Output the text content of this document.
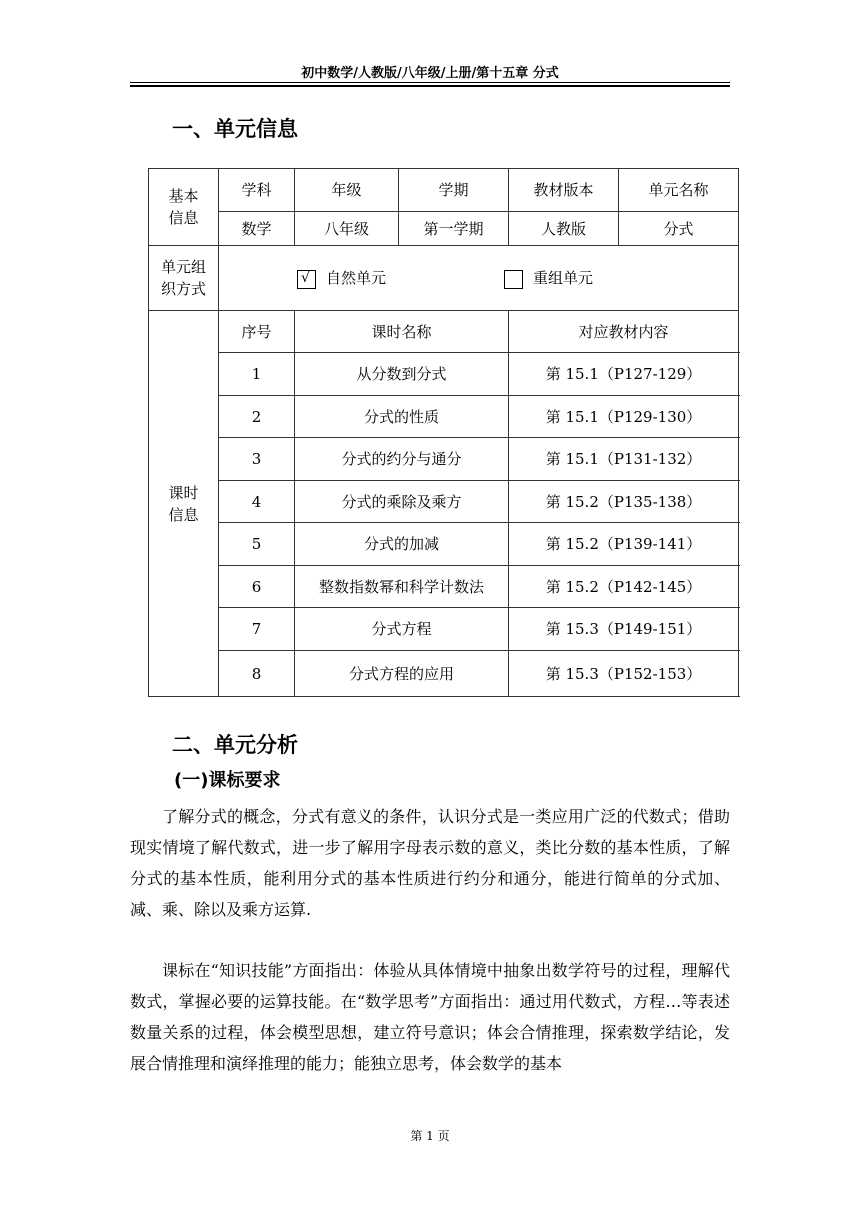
初中数学/人教版/八年级/上册/第十五章 分式
一、单元信息
基本
信息	学科	年级	学期	教材版本	单元名称
	数学	八年级	第一学期	人教版	分式
单元组
织方式	√ 自然单元 重组单元				

课时
信息	序号	课时名称		对应教材内容	
	1	从分数到分式		第 15.1（P127-129）	
	2	分式的性质		第 15.1（P129-130）	
	3	分式的约分与通分		第 15.1（P131-132）	
	4	分式的乘除及乘方		第 15.2（P135-138）	
	5	分式的加减		第 15.2（P139-141）	
	6	整数指数幂和科学计数法		第 15.2（P142-145）	
	7	分式方程		第 15.3（P149-151）	
	8	分式方程的应用		第 15.3（P152-153）	
二、单元分析
(一)课标要求
了解分式的概念，分式有意义的条件，认识分式是一类应用广泛的代数式；借助现实情境了解代数式，进一步了解用字母表示数的意义，类比分数的基本性质，了解分式的基本性质，能利用分式的基本性质进行约分和通分，能进行简单的分式加、减、乘、除以及乘方运算.
课标在“知识技能”方面指出：体验从具体情境中抽象出数学符号的过程，理解代数式，掌握必要的运算技能。在“数学思考”方面指出：通过用代数式，方程…等表述数量关系的过程，体会模型思想，建立符号意识；体会合情推理，探索数学结论，发展合情推理和演绎推理的能力；能独立思考，体会数学的基本
第 1 页
